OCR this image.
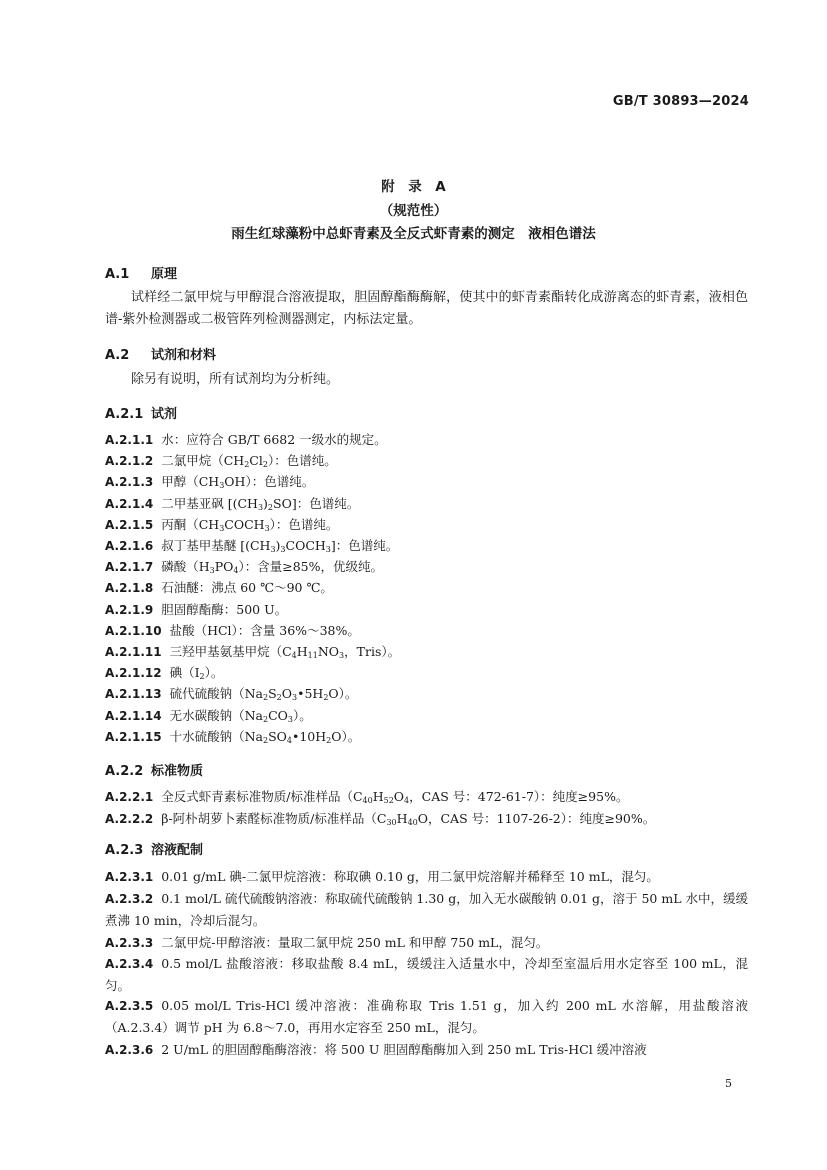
GB/T 30893—2024
附　录　A
（规范性）
雨生红球藻粉中总虾青素及全反式虾青素的测定　液相色谱法
A.1 原理
试样经二氯甲烷与甲醇混合溶液提取，胆固醇酯酶酶解，使其中的虾青素酯转化成游离态的虾青素，液相色谱-紫外检测器或二极管阵列检测器测定，内标法定量。
A.2 试剂和材料
除另有说明，所有试剂均为分析纯。
A.2.1 试剂
A.2.1.1 水：应符合 GB/T 6682 一级水的规定。
A.2.1.2 二氯甲烷$(CH_2Cl_2)$：色谱纯。
A.2.1.3 甲醇$(CH_3OH)$：色谱纯。
A.2.1.4 二甲基亚砜 $[(CH_3)_2SO]$：色谱纯。
A.2.1.5 丙酮$(CH_3COCH_3)$：色谱纯。
A.2.1.6 叔丁基甲基醚 $[(CH_3)_3COCH_3]$：色谱纯。
A.2.1.7 磷酸$(H_3PO_4)$：含量≥85%，优级纯。
A.2.1.8 石油醚：沸点 60 ℃～90 ℃。
A.2.1.9 胆固醇酯酶：500 U。
A.2.1.10 盐酸（HCl）：含量 36%～38%。
A.2.1.11 三羟甲基氨基甲烷（$C_4H_{11}NO_3$，Tris）。
A.2.1.12 碘$(I_2)$。
A.2.1.13 硫代硫酸钠$(Na_2S_2O_3•5H_2O)$。
A.2.1.14 无水碳酸钠$(Na_2CO_3)$。
A.2.1.15 十水硫酸钠$(Na_2SO_4•10H_2O)$。
A.2.2 标准物质
A.2.2.1 全反式虾青素标准物质/标准样品（$C_{40}H_{52}O_4$，CAS 号：472-61-7）：纯度≥95%。
A.2.2.2 β-阿朴胡萝卜素醛标准物质/标准样品（$C_{30}H_{40}O$，CAS 号：1107-26-2）：纯度≥90%。
A.2.3 溶液配制
A.2.3.1 0.01 g/mL 碘-二氯甲烷溶液：称取碘 0.10 g，用二氯甲烷溶解并稀释至 10 mL，混匀。
A.2.3.2 0.1 mol/L 硫代硫酸钠溶液：称取硫代硫酸钠 1.30 g，加入无水碳酸钠 0.01 g，溶于 50 mL 水中，缓缓煮沸 10 min，冷却后混匀。
A.2.3.3 二氯甲烷-甲醇溶液：量取二氯甲烷 250 mL 和甲醇 750 mL，混匀。
A.2.3.4 0.5 mol/L 盐酸溶液：移取盐酸 8.4 mL，缓缓注入适量水中，冷却至室温后用水定容至 100 mL，混匀。
A.2.3.5 0.05 mol/L Tris-HCl 缓冲溶液：准确称取 Tris 1.51 g，加入约 200 mL 水溶解，用盐酸溶液（A.2.3.4）调节 pH 为 6.8～7.0，再用水定容至 250 mL，混匀。
A.2.3.6 2 U/mL 的胆固醇酯酶溶液：将 500 U 胆固醇酯酶加入到 250 mL Tris-HCl 缓冲溶液
5
